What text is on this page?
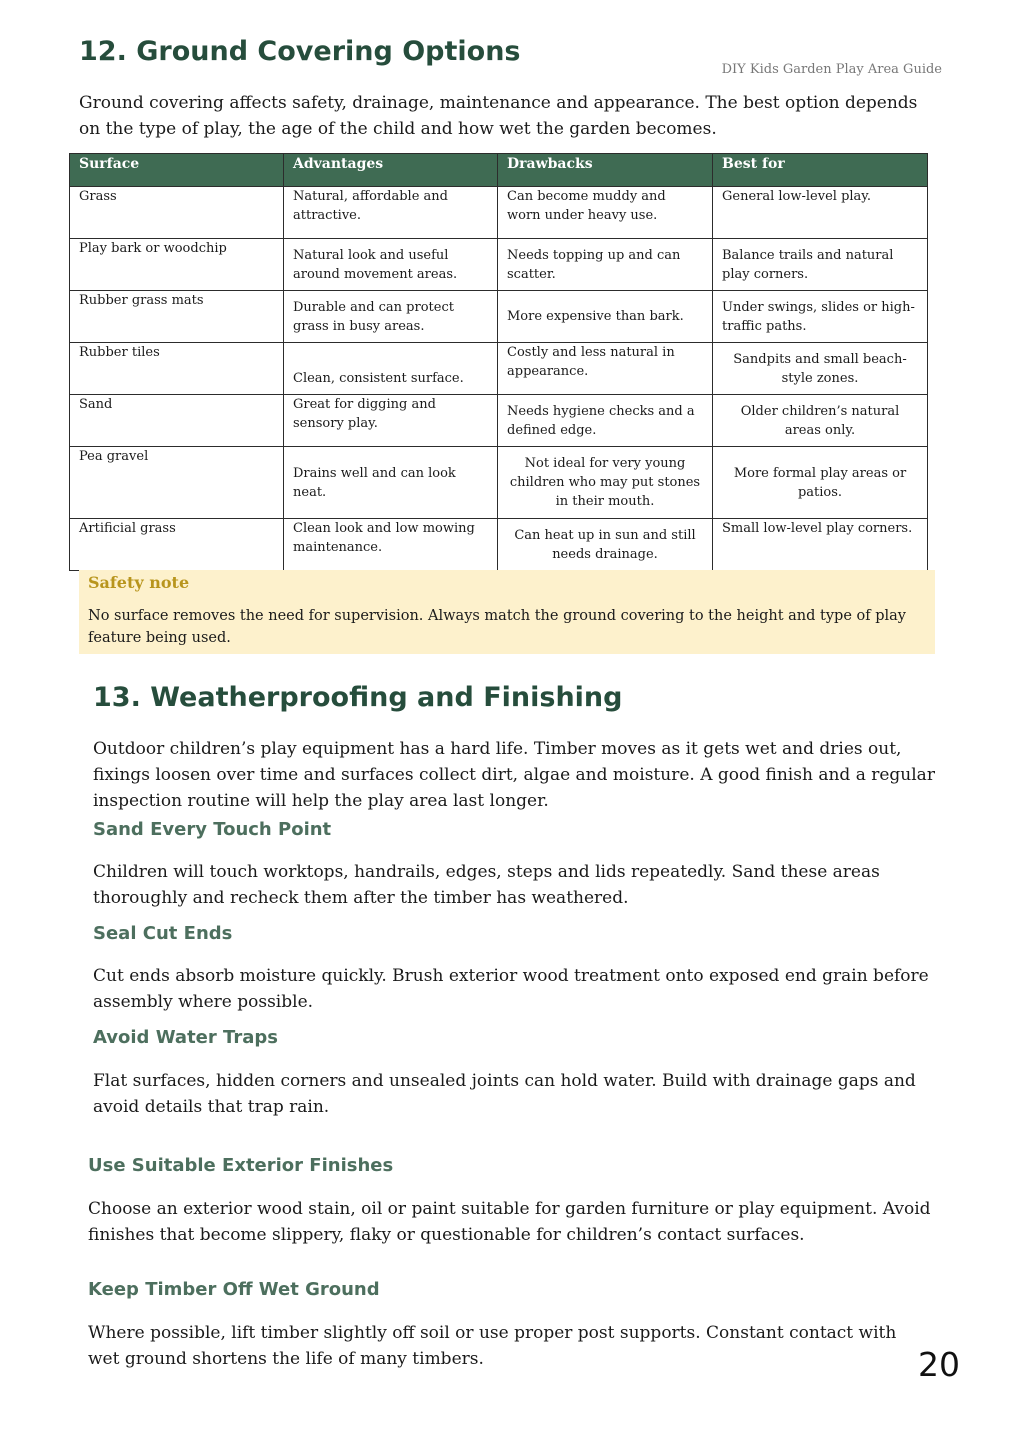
12. Ground Covering Options
DIY Kids Garden Play Area Guide
Ground covering affects safety, drainage, maintenance and appearance. The best option depends on the type of play, the age of the child and how wet the garden becomes.
Surface	Advantages	Drawbacks	Best for
Grass	Natural, affordable and attractive.	Can become muddy and worn under heavy use.	General low-level play.
Play bark or woodchip	Natural look and useful around movement areas.	Needs topping up and can scatter.	Balance trails and natural play corners.
Rubber grass mats	Durable and can protect grass in busy areas.	More expensive than bark.	Under swings, slides or high- traffic paths.
Rubber tiles	Clean, consistent surface.	Costly and less natural in appearance.	Sandpits and small beach-style zones.
Sand	Great for digging and sensory play.	Needs hygiene checks and a defined edge.	Older children’s natural areas only.
Pea gravel	Drains well and can look neat.	Not ideal for very young children who may put stones in their mouth.	More formal play areas or patios.
Artificial grass	Clean look and low mowing maintenance.	Can heat up in sun and still needs drainage.	Small low-level play corners.
Safety note
No surface removes the need for supervision. Always match the ground covering to the height and type of play feature being used.
13. Weatherproofing and Finishing
Outdoor children’s play equipment has a hard life. Timber moves as it gets wet and dries out, fixings loosen over time and surfaces collect dirt, algae and moisture. A good finish and a regular inspection routine will help the play area last longer.
Sand Every Touch Point
Children will touch worktops, handrails, edges, steps and lids repeatedly. Sand these areas thoroughly and recheck them after the timber has weathered.
Seal Cut Ends
Cut ends absorb moisture quickly. Brush exterior wood treatment onto exposed end grain before assembly where possible.
Avoid Water Traps
Flat surfaces, hidden corners and unsealed joints can hold water. Build with drainage gaps and avoid details that trap rain.
Use Suitable Exterior Finishes
Choose an exterior wood stain, oil or paint suitable for garden furniture or play equipment. Avoid finishes that become slippery, flaky or questionable for children’s contact surfaces.
Keep Timber Off Wet Ground
Where possible, lift timber slightly off soil or use proper post supports. Constant contact with wet ground shortens the life of many timbers.	20
